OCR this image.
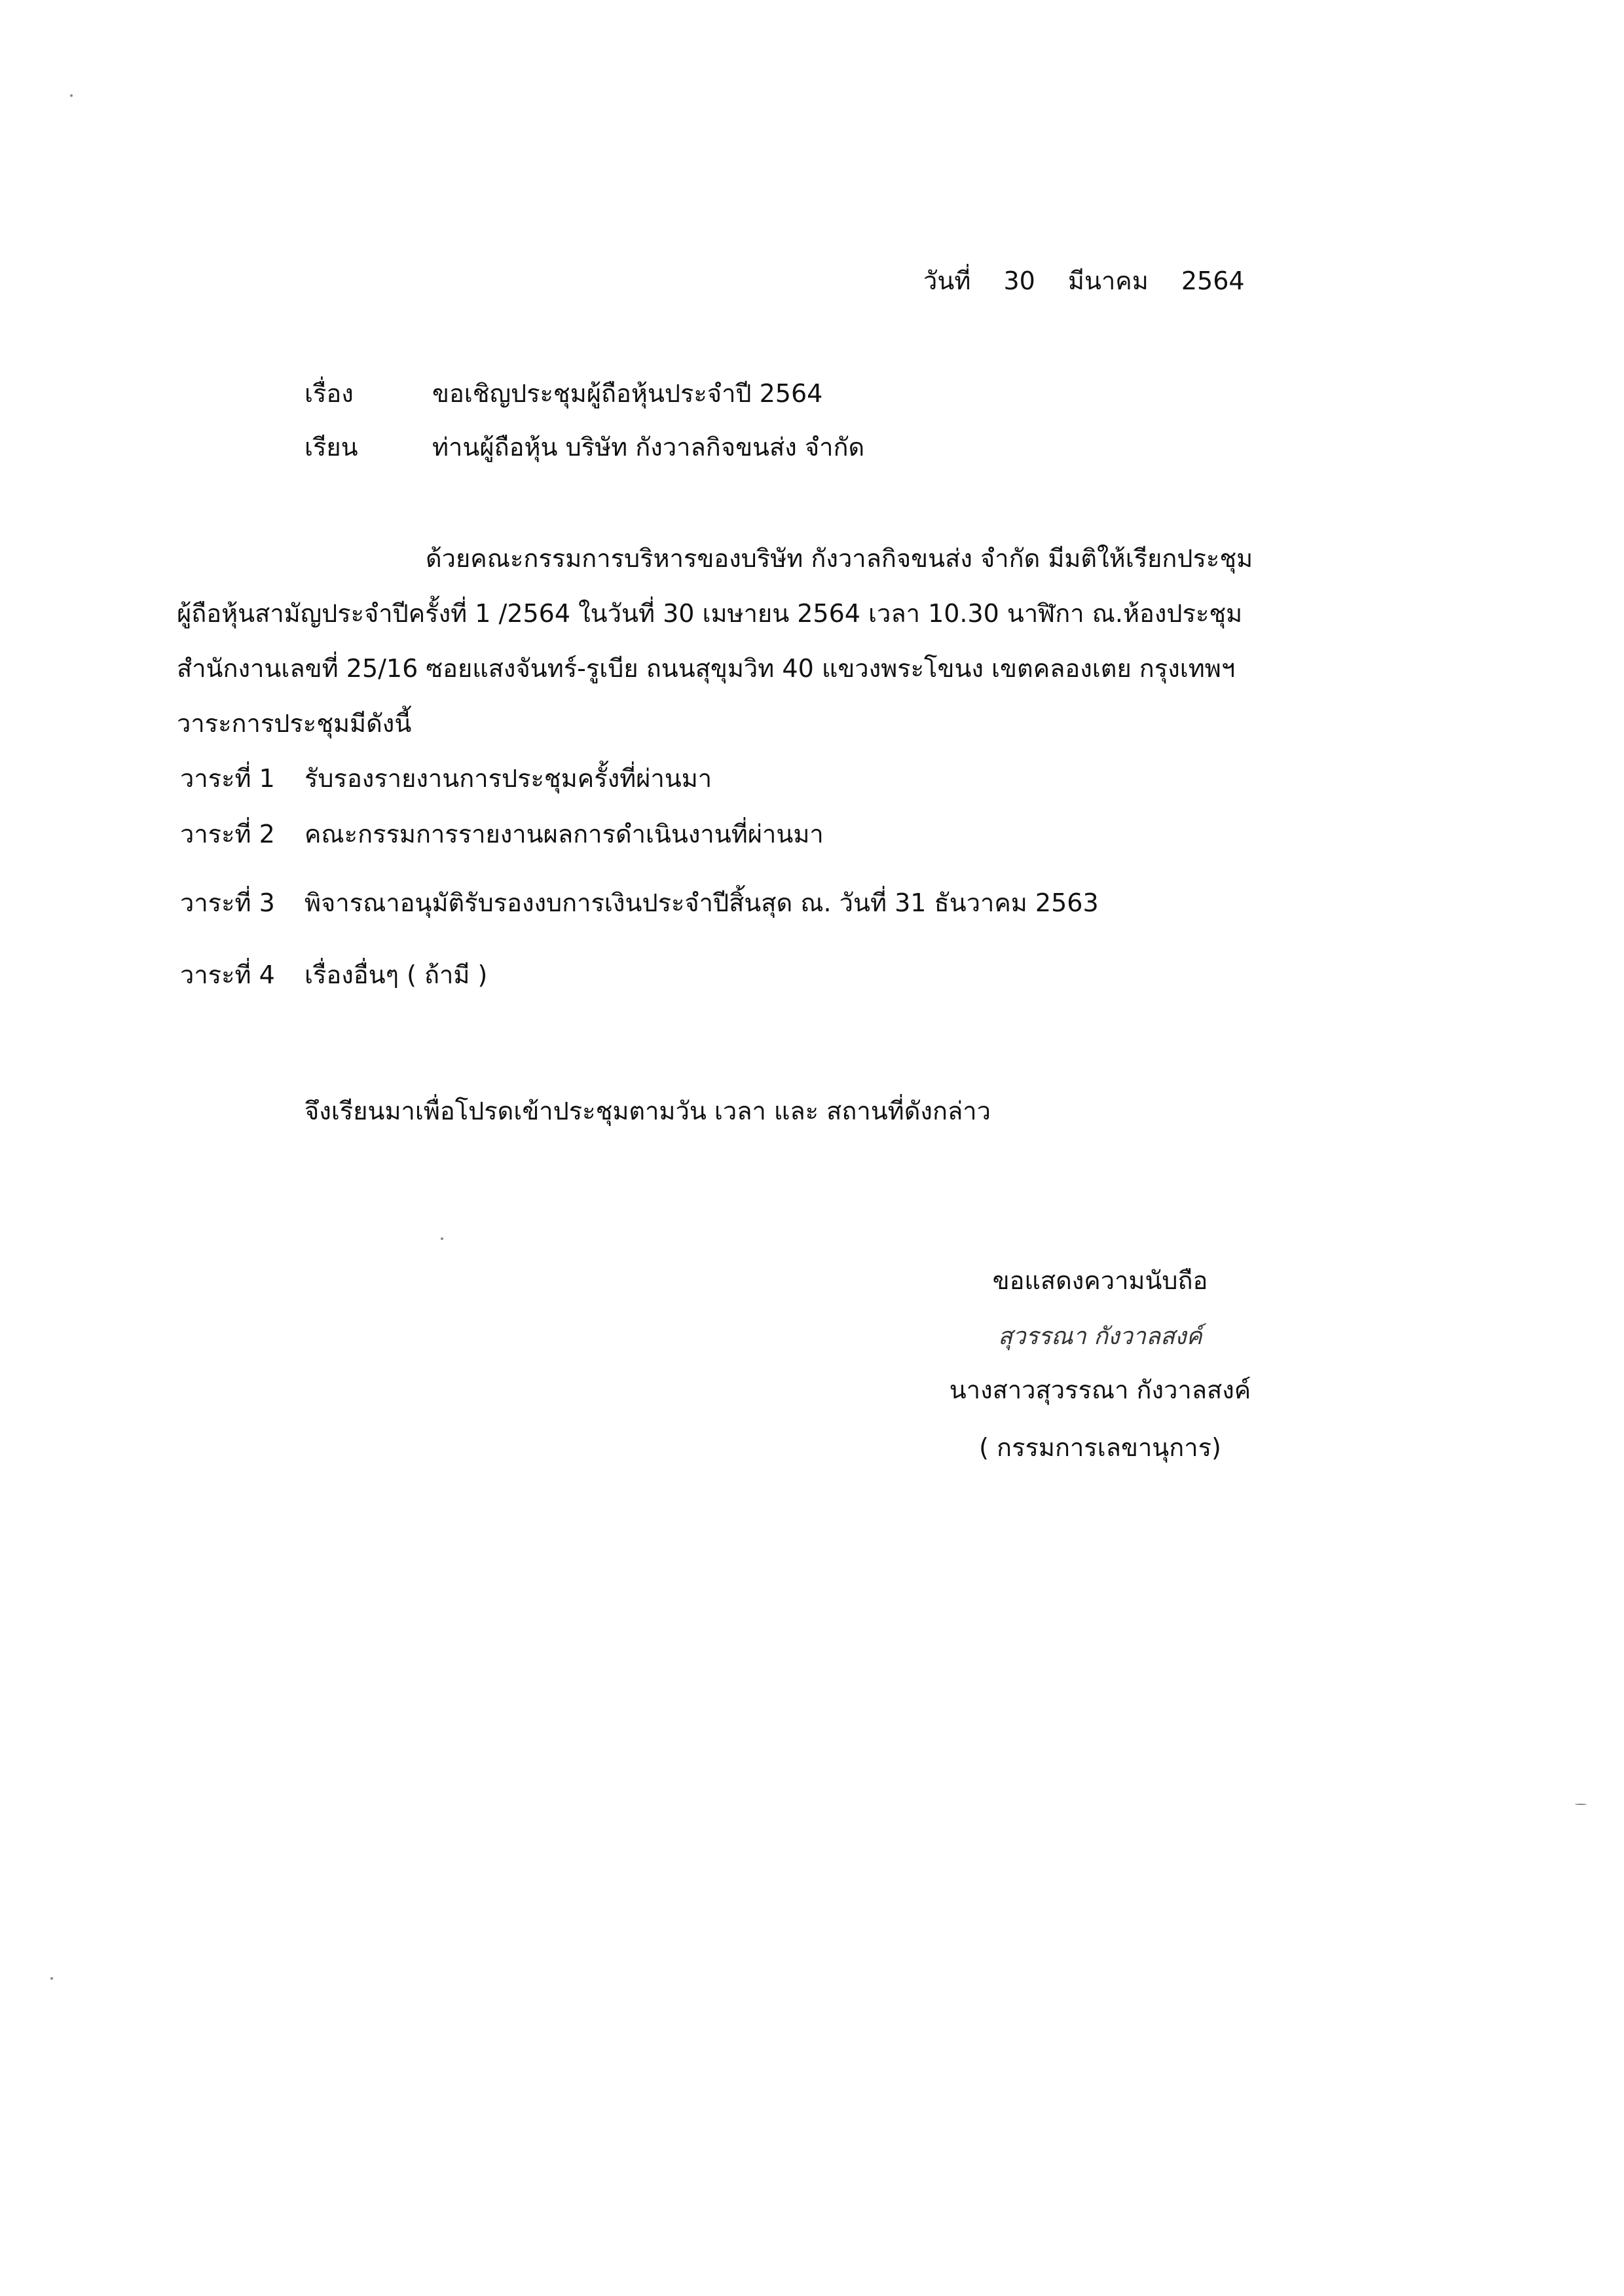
วันที่ 30 มีนาคม 2564
เรื่อง	ขอเชิญประชุมผู้ถือหุ้นประจำปี 2564
เรียน	ท่านผู้ถือหุ้น บริษัท กังวาลกิจขนส่ง จำกัด
ด้วยคณะกรรมการบริหารของบริษัท กังวาลกิจขนส่ง จำกัด มีมติให้เรียกประชุม
ผู้ถือหุ้นสามัญประจำปีครั้งที่ 1 /2564 ในวันที่ 30 เมษายน 2564 เวลา 10.30 นาฬิกา ณ.ห้องประชุม
สำนักงานเลขที่ 25/16 ซอยแสงจันทร์-รูเบีย ถนนสุขุมวิท 40 แขวงพระโขนง เขตคลองเตย กรุงเทพฯ
วาระการประชุมมีดังนี้
วาระที่ 1 รับรองรายงานการประชุมครั้งที่ผ่านมา
วาระที่ 2 คณะกรรมการรายงานผลการดำเนินงานที่ผ่านมา
วาระที่ 3 พิจารณาอนุมัติรับรองงบการเงินประจำปีสิ้นสุด ณ. วันที่ 31 ธันวาคม 2563
วาระที่ 4 เรื่องอื่นๆ ( ถ้ามี )
จึงเรียนมาเพื่อโปรดเข้าประชุมตามวัน เวลา และ สถานที่ดังกล่าว
ขอแสดงความนับถือ
สุวรรณา กังวาลสงค์
นางสาวสุวรรณา กังวาลสงค์
( กรรมการเลขานุการ)
